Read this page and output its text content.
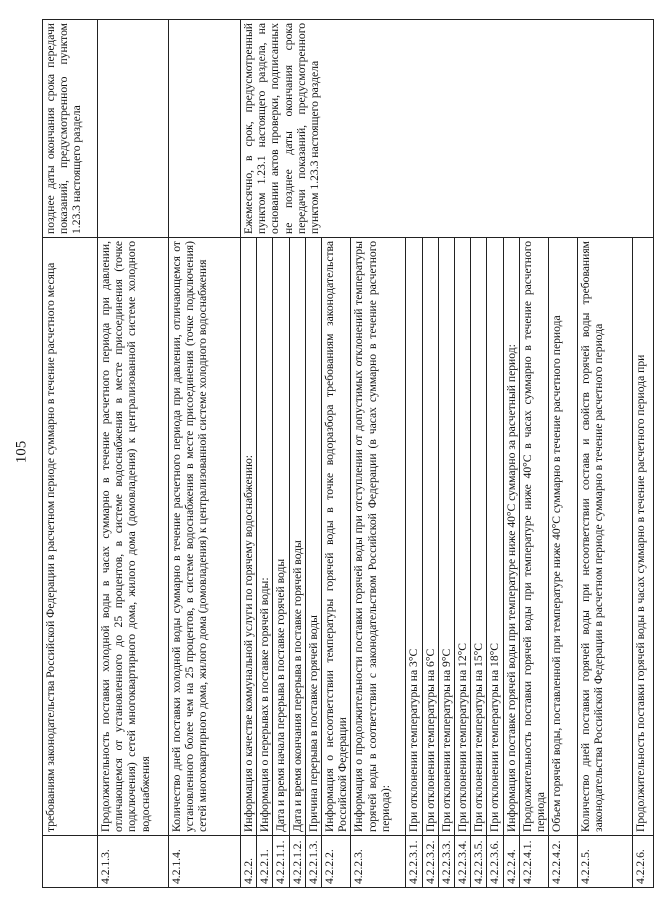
105
	требованиям законодательства Российской Федерации в расчетном периоде суммарно в течение расчетного месяца	позднее даты окончания срока передачи показаний, предусмотренного пунктом 1.23.3 настоящего раздела
4.2.1.3.	Продолжительность поставки холодной воды в часах суммарно в течение расчетного периода при давлении, отличающемся от установленного до 25 процентов, в системе водоснабжения в месте присоединения (точке подключения) сетей многоквартирного дома, жилого дома (домовладения) к централизованной системе холодного водоснабжения	
4.2.1.4.	Количество дней поставки холодной воды суммарно в течение расчетного периода при давлении, отличающемся от установленного более чем на 25 процентов, в системе водоснабжения в месте присоединения (точке подключения) сетей многоквартирного дома, жилого дома (домовладения) к централизованной системе холодного водоснабжения	
4.2.2.	Информация о качестве коммунальной услуги по горячему водоснабжению:	Ежемесячно, в срок, предусмотренный пунктом 1.23.1 настоящего раздела, на основании актов проверки, подписанных не позднее даты окончания срока передачи показаний, предусмотренного пунктом 1.23.3 настоящего раздела
4.2.2.1.	Информация о перерывах в поставке горячей воды:	
4.2.2.1.1.	Дата и время начала перерыва в поставке горячей воды	
4.2.2.1.2.	Дата и время окончания перерыва в поставке горячей воды	
4.2.2.1.3.	Причина перерыва в поставке горячей воды	
4.2.2.2.	Информация о несоответствии температуры горячей воды в точке водоразбора требованиям законодательства Российской Федерации	
4.2.2.3.	Информация о продолжительности поставки горячей воды при отступлении от допустимых отклонений температуры горячей воды в соответствии с законодательством Российской Федерации (в часах суммарно в течение расчетного периода):	
4.2.2.3.1.	При отклонении температуры на 3°С	
4.2.2.3.2.	При отклонении температуры на 6°С	
4.2.2.3.3.	При отклонении температуры на 9°С	
4.2.2.3.4.	При отклонении температуры на 12°С	
4.2.2.3.5.	При отклонении температуры на 15°С	
4.2.2.3.6.	При отклонении температуры на 18°С	
4.2.2.4.	Информация о поставке горячей воды при температуре ниже 40°С суммарно за расчетный период:	
4.2.2.4.1.	Продолжительность поставки горячей воды при температуре ниже 40°С в часах суммарно в течение расчетного периода	
4.2.2.4.2.	Объем горячей воды, поставленной при температуре ниже 40°С суммарно в течение расчетного периода	
4.2.2.5.	Количество дней поставки горячей воды при несоответствии состава и свойств горячей воды требованиям законодательства Российской Федерации в расчетном периоде суммарно в течение расчетного периода	
4.2.2.6.	Продолжительность поставки горячей воды в часах суммарно в течение расчетного периода при	
